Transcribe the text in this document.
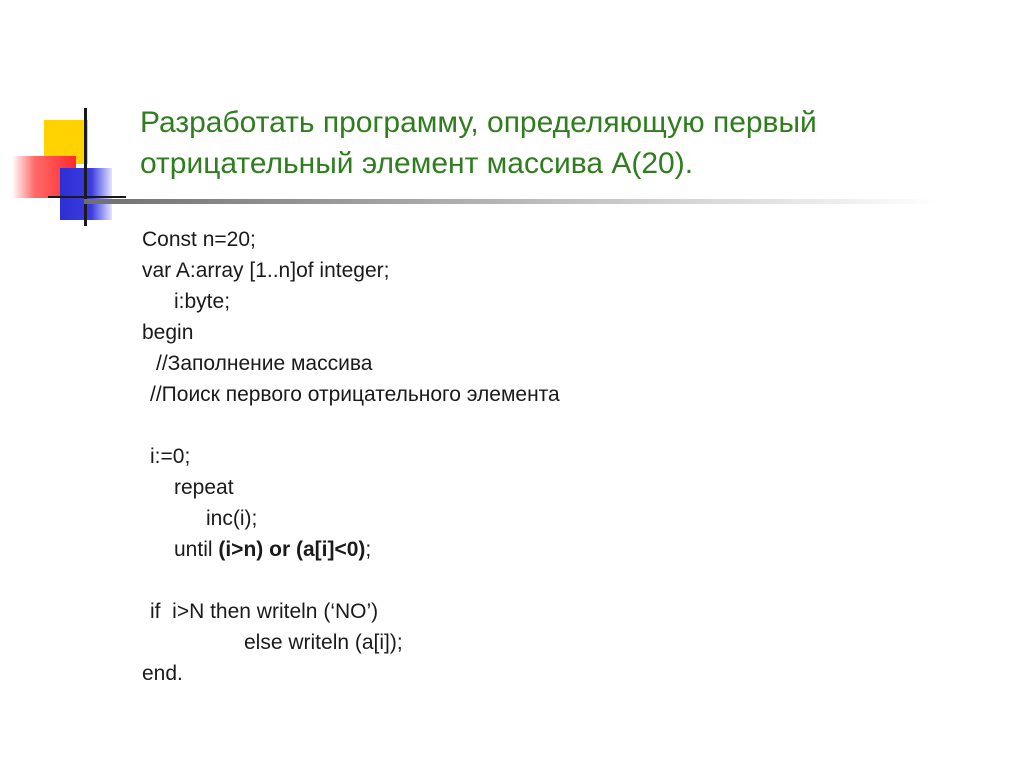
Разработать программу, определяющую первый
отрицательный элемент массива А(20).
Const n=20;
var A:array [1..n]of integer;
i:byte;
begin
//Заполнение массива
//Поиск первого отрицательного элемента
i:=0;
repeat
inc(i);
until (i>n) or (a[i]<0);
if  i>N then writeln (‘NO’)
else writeln (a[i]);
end.
